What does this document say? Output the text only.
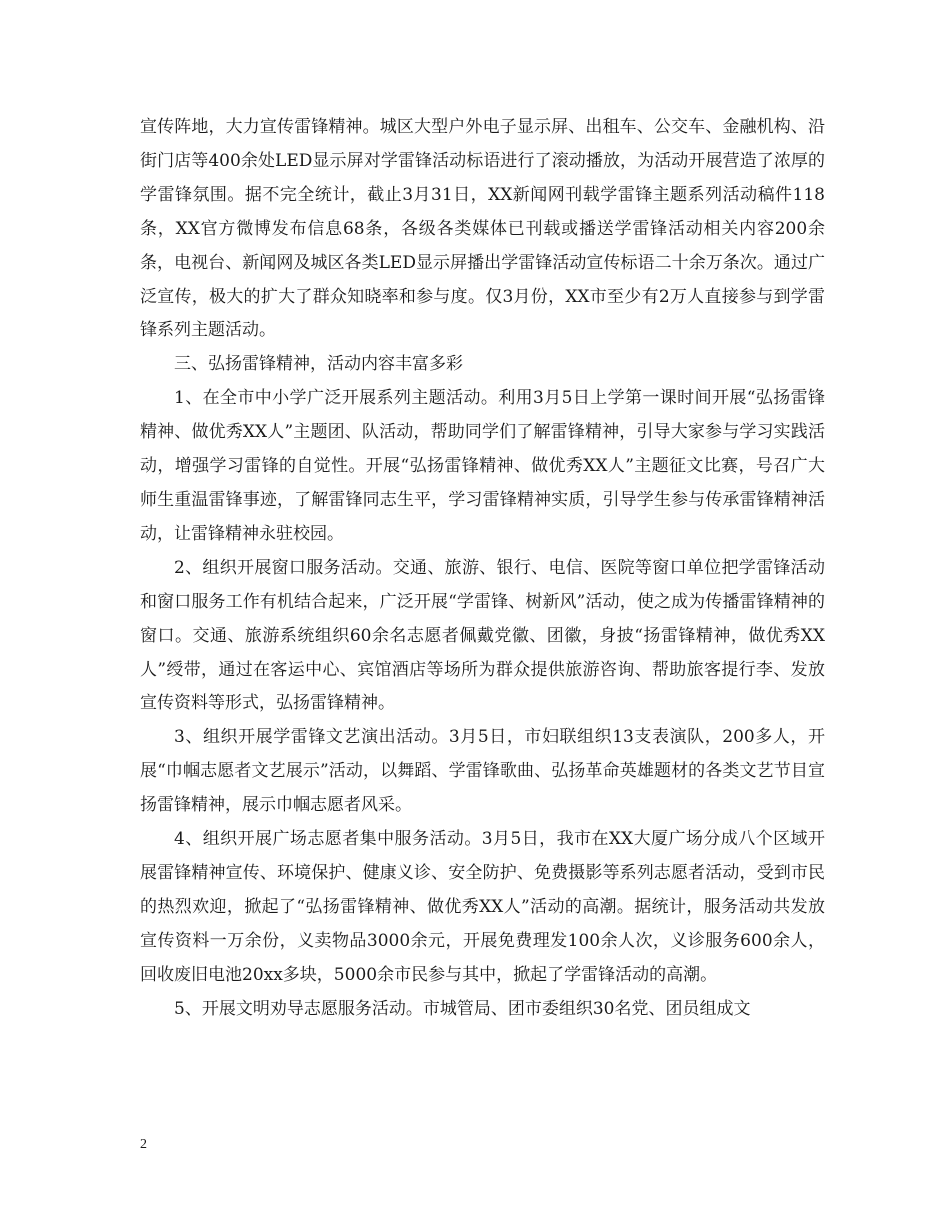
宣传阵地，大力宣传雷锋精神。城区大型户外电子显示屏、出租车、公交车、金融机构、沿街门店等400余处LED显示屏对学雷锋活动标语进行了滚动播放，为活动开展营造了浓厚的学雷锋氛围。据不完全统计，截止3月31日，XX新闻网刊载学雷锋主题系列活动稿件118条，XX官方微博发布信息68条，各级各类媒体已刊载或播送学雷锋活动相关内容200余条，电视台、新闻网及城区各类LED显示屏播出学雷锋活动宣传标语二十余万条次。通过广泛宣传，极大的扩大了群众知晓率和参与度。仅3月份，XX市至少有2万人直接参与到学雷锋系列主题活动。

三、弘扬雷锋精神，活动内容丰富多彩

1、在全市中小学广泛开展系列主题活动。利用3月5日上学第一课时间开展“弘扬雷锋精神、做优秀XX人”主题团、队活动，帮助同学们了解雷锋精神，引导大家参与学习实践活动，增强学习雷锋的自觉性。开展“弘扬雷锋精神、做优秀XX人”主题征文比赛，号召广大师生重温雷锋事迹，了解雷锋同志生平，学习雷锋精神实质，引导学生参与传承雷锋精神活动，让雷锋精神永驻校园。

2、组织开展窗口服务活动。交通、旅游、银行、电信、医院等窗口单位把学雷锋活动和窗口服务工作有机结合起来，广泛开展“学雷锋、树新风”活动，使之成为传播雷锋精神的窗口。交通、旅游系统组织60余名志愿者佩戴党徽、团徽，身披“扬雷锋精神，做优秀XX人”绶带，通过在客运中心、宾馆酒店等场所为群众提供旅游咨询、帮助旅客提行李、发放宣传资料等形式，弘扬雷锋精神。

3、组织开展学雷锋文艺演出活动。3月5日，市妇联组织13支表演队，200多人，开展“巾帼志愿者文艺展示”活动，以舞蹈、学雷锋歌曲、弘扬革命英雄题材的各类文艺节目宣扬雷锋精神，展示巾帼志愿者风采。

4、组织开展广场志愿者集中服务活动。3月5日，我市在XX大厦广场分成八个区域开展雷锋精神宣传、环境保护、健康义诊、安全防护、免费摄影等系列志愿者活动，受到市民的热烈欢迎，掀起了“弘扬雷锋精神、做优秀XX人”活动的高潮。据统计，服务活动共发放宣传资料一万余份，义卖物品3000余元，开展免费理发100余人次，义诊服务600余人，回收废旧电池20xx多块，5000余市民参与其中，掀起了学雷锋活动的高潮。

5、开展文明劝导志愿服务活动。市城管局、团市委组织30名党、团员组成文

2
